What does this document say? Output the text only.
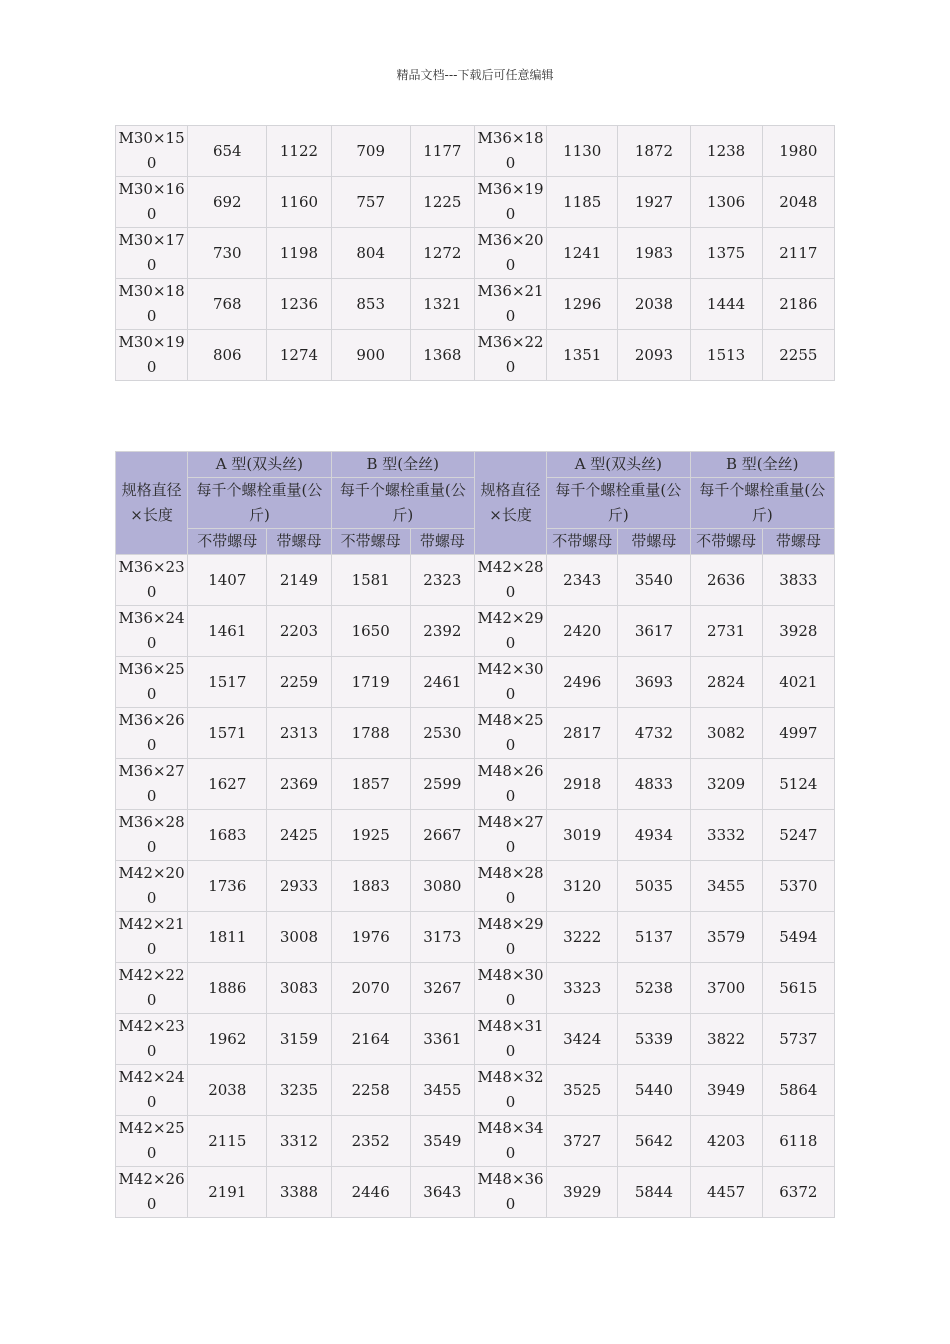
精品文档---下载后可任意编辑
M30×150	654	1122	709	1177	M36×180	1130	1872	1238	1980
M30×160	692	1160	757	1225	M36×190	1185	1927	1306	2048
M30×170	730	1198	804	1272	M36×200	1241	1983	1375	2117
M30×180	768	1236	853	1321	M36×210	1296	2038	1444	2186
M30×190	806	1274	900	1368	M36×220	1351	2093	1513	2255
规格直径×长度	A 型(双头丝)		B 型(全丝)		规格直径×长度	A 型(双头丝)		B 型(全丝)	
	每千个螺栓重量(公斤)		每千个螺栓重量(公斤)			每千个螺栓重量(公斤)		每千个螺栓重量(公斤)	
	不带螺母	带螺母	不带螺母	带螺母		不带螺母	带螺母	不带螺母	带螺母
M36×230	1407	2149	1581	2323	M42×280	2343	3540	2636	3833
M36×240	1461	2203	1650	2392	M42×290	2420	3617	2731	3928
M36×250	1517	2259	1719	2461	M42×300	2496	3693	2824	4021
M36×260	1571	2313	1788	2530	M48×250	2817	4732	3082	4997
M36×270	1627	2369	1857	2599	M48×260	2918	4833	3209	5124
M36×280	1683	2425	1925	2667	M48×270	3019	4934	3332	5247
M42×200	1736	2933	1883	3080	M48×280	3120	5035	3455	5370
M42×210	1811	3008	1976	3173	M48×290	3222	5137	3579	5494
M42×220	1886	3083	2070	3267	M48×300	3323	5238	3700	5615
M42×230	1962	3159	2164	3361	M48×310	3424	5339	3822	5737
M42×240	2038	3235	2258	3455	M48×320	3525	5440	3949	5864
M42×250	2115	3312	2352	3549	M48×340	3727	5642	4203	6118
M42×260	2191	3388	2446	3643	M48×360	3929	5844	4457	6372
